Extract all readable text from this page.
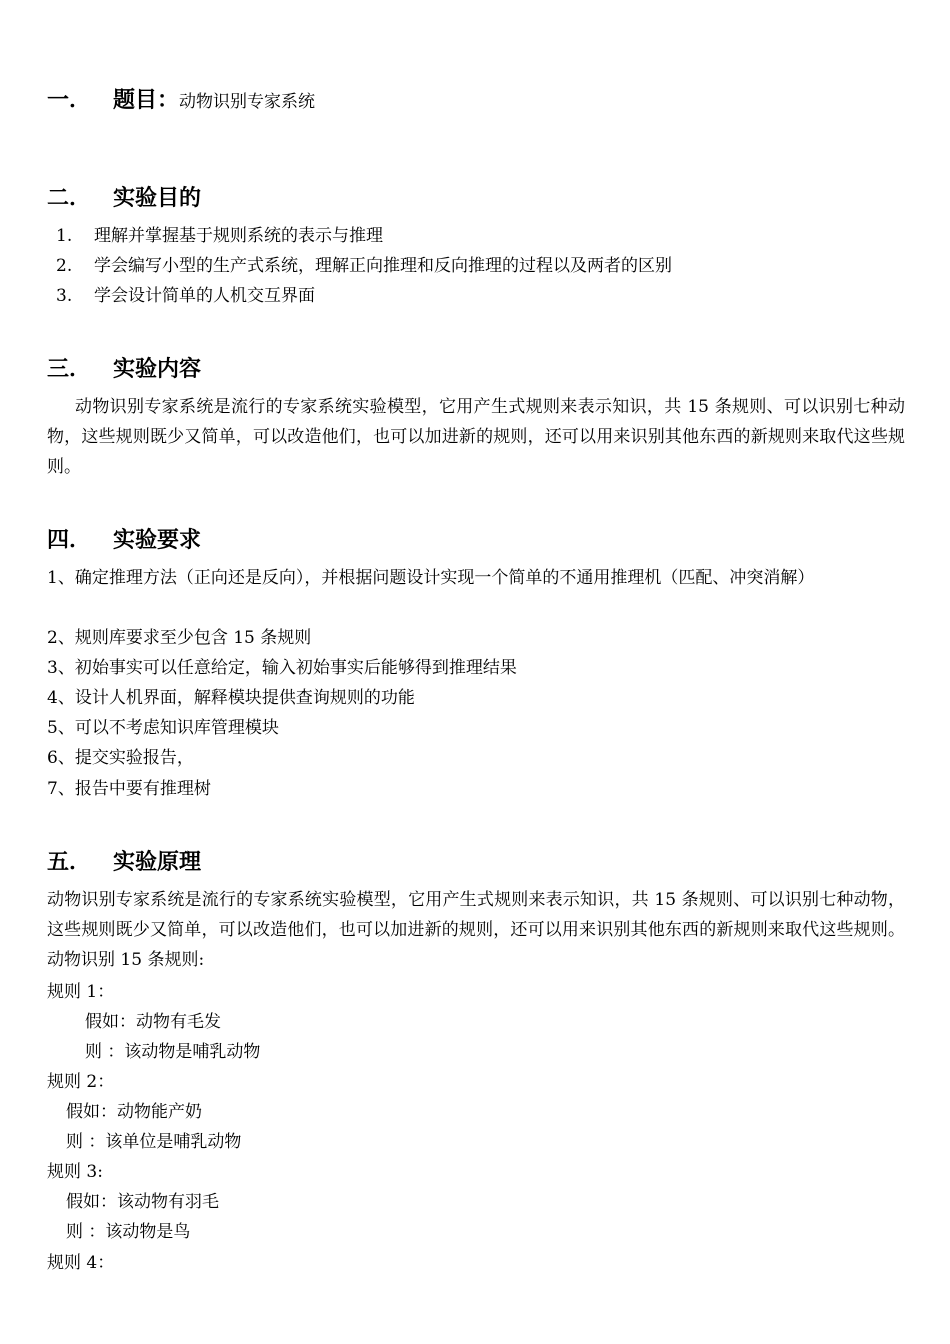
一． 题目：动物识别专家系统
二． 实验目的
1. 理解并掌握基于规则系统的表示与推理
2. 学会编写小型的生产式系统，理解正向推理和反向推理的过程以及两者的区别
3. 学会设计简单的人机交互界面
三． 实验内容

动物识别专家系统是流行的专家系统实验模型，它用产生式规则来表示知识，共 15 条规则、可以识别七种动物，这些规则既少又简单，可以改造他们，也可以加进新的规则，还可以用来识别其他东西的新规则来取代这些规则。

四． 实验要求

1、确定推理方法（正向还是反向），并根据问题设计实现一个简单的不通用推理机（匹配、冲突消解）

2、规则库要求至少包含 15 条规则
3、初始事实可以任意给定，输入初始事实后能够得到推理结果
4、设计人机界面，解释模块提供查询规则的功能
5、可以不考虑知识库管理模块
6、提交实验报告，
7、报告中要有推理树
五． 实验原理

动物识别专家系统是流行的专家系统实验模型，它用产生式规则来表示知识，共 15 条规则、可以识别七种动物，这些规则既少又简单，可以改造他们，也可以加进新的规则，还可以用来识别其他东西的新规则来取代这些规则。动物识别 15 条规则:

规则 1：
假如：动物有毛发
则 ：该动物是哺乳动物
规则 2：
假如：动物能产奶
则 ：该单位是哺乳动物
规则 3:
假如：该动物有羽毛
则 ：该动物是鸟
规则 4：
